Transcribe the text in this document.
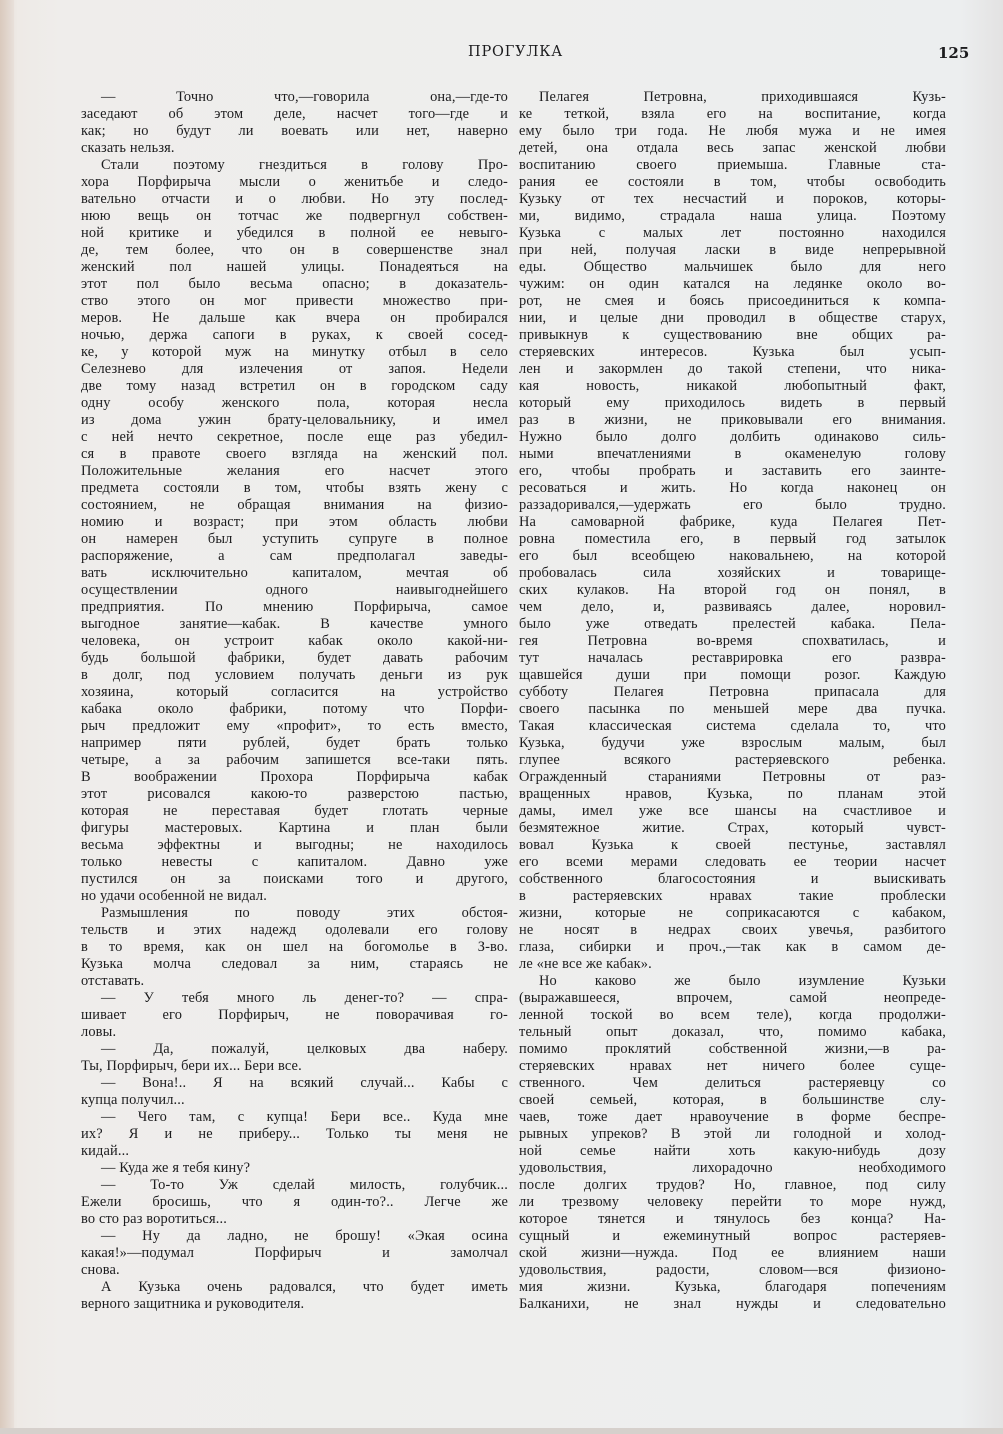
ПРОГУЛКА	125
— Точно что,—говорила она,—где-то
заседают об этом деле, насчет того—где и
как; но будут ли воевать или нет, наверно
сказать нельзя.
Стали поэтому гнездиться в голову Про-
хора Порфирыча мысли о женитьбе и следо-
вательно отчасти и о любви. Но эту послед-
нюю вещь он тотчас же подвергнул собствен-
ной критике и убедился в полной ее невыго-
де, тем более, что он в совершенстве знал
женский пол нашей улицы. Понадеяться на
этот пол было весьма опасно; в доказатель-
ство этого он мог привести множество при-
меров. Не дальше как вчера он пробирался
ночью, держа сапоги в руках, к своей сосед-
ке, у которой муж на минутку отбыл в село
Селезнево для излечения от запоя. Недели
две тому назад встретил он в городском саду
одну особу женского пола, которая несла
из дома ужин брату-целовальнику, и имел
с ней нечто секретное, после еще раз убедил-
ся в правоте своего взгляда на женский пол.
Положительные желания его насчет этого
предмета состояли в том, чтобы взять жену с
состоянием, не обращая внимания на физио-
номию и возраст; при этом область любви
он намерен был уступить супруге в полное
распоряжение, а сам предполагал заведы-
вать исключительно капиталом, мечтая об
осуществлении одного наивыгоднейшего
предприятия. По мнению Порфирыча, самое
выгодное занятие—кабак. В качестве умного
человека, он устроит кабак около какой-ни-
будь большой фабрики, будет давать рабочим
в долг, под условием получать деньги из рук
хозяина, который согласится на устройство
кабака около фабрики, потому что Порфи-
рыч предложит ему «профит», то есть вместо,
например пяти рублей, будет брать только
четыре, а за рабочим запишется все-таки пять.
В воображении Прохора Порфирыча кабак
этот рисовался какою-то разверстою пастью,
которая не переставая будет глотать черные
фигуры мастеровых. Картина и план были
весьма эффектны и выгодны; не находилось
только невесты с капиталом. Давно уже
пустился он за поисками того и другого,
но удачи особенной не видал.
Размышления по поводу этих обстоя-
тельств и этих надежд одолевали его голову
в то время, как он шел на богомолье в З-во.
Кузька молча следовал за ним, стараясь не
отставать.
— У тебя много ль денег-то? — спра-
шивает его Порфирыч, не поворачивая го-
ловы.
— Да, пожалуй, целковых два наберу.
Ты, Порфирыч, бери их... Бери все.
— Вона!.. Я на всякий случай... Кабы с
купца получил...
— Чего там, с купца! Бери все.. Куда мне
их? Я и не приберу... Только ты меня не
кидай...
— Куда же я тебя кину?
— То-то Уж сделай милость, голубчик...
Ежели бросишь, что я один-то?.. Легче же
во сто раз воротиться...
— Ну да ладно, не брошу! «Экая осина
какая!»—подумал Порфирыч и замолчал
снова.
А Кузька очень радовался, что будет иметь
верного защитника и руководителя.
Пелагея Петровна, приходившаяся Кузь-
ке теткой, взяла его на воспитание, когда
ему было три года. Не любя мужа и не имея
детей, она отдала весь запас женской любви
воспитанию своего приемыша. Главные ста-
рания ее состояли в том, чтобы освободить
Кузьку от тех несчастий и пороков, которы-
ми, видимо, страдала наша улица. Поэтому
Кузька с малых лет постоянно находился
при ней, получая ласки в виде непрерывной
еды. Общество мальчишек было для него
чужим: он один катался на ледянке около во-
рот, не смея и боясь присоединиться к компа-
нии, и целые дни проводил в обществе старух,
привыкнув к существованию вне общих ра-
стеряевских интересов. Кузька был усып-
лен и закормлен до такой степени, что ника-
кая новость, никакой любопытный факт,
который ему приходилось видеть в первый
раз в жизни, не приковывали его внимания.
Нужно было долго долбить одинаково силь-
ными впечатлениями в окаменелую голову
его, чтобы пробрать и заставить его заинте-
ресоваться и жить. Но когда наконец он
раззадоривался,—удержать его было трудно.
На самоварной фабрике, куда Пелагея Пет-
ровна поместила его, в первый год затылок
его был всеобщею наковальнею, на которой
пробовалась сила хозяйских и товарище-
ских кулаков. На второй год он понял, в
чем дело, и, развиваясь далее, норовил-
было уже отведать прелестей кабака. Пела-
гея Петровна во-время спохватилась, и
тут началась реставрировка его развра-
щавшейся души при помощи розог. Каждую
субботу Пелагея Петровна припасала для
своего пасынка по меньшей мере два пучка.
Такая классическая система сделала то, что
Кузька, будучи уже взрослым малым, был
глупее всякого растеряевского ребенка.
Огражденный стараниями Петровны от раз-
вращенных нравов, Кузька, по планам этой
дамы, имел уже все шансы на счастливое и
безмятежное житие. Страх, который чувст-
вовал Кузька к своей пестунье, заставлял
его всеми мерами следовать ее теории насчет
собственного благосостояния и выискивать
в растеряевских нравах такие проблески
жизни, которые не соприкасаются с кабаком,
не носят в недрах своих увечья, разбитого
глаза, сибирки и проч.,—так как в самом де-
ле «не все же кабак».
Но каково же было изумление Кузьки
(выражавшееся, впрочем, самой неопреде-
ленной тоской во всем теле), когда продолжи-
тельный опыт доказал, что, помимо кабака,
помимо проклятий собственной жизни,—в ра-
стеряевских нравах нет ничего более суще-
ственного. Чем делиться растеряевцу со
своей семьей, которая, в большинстве слу-
чаев, тоже дает нравоучение в форме беспре-
рывных упреков? В этой ли голодной и холод-
ной семье найти хоть какую-нибудь дозу
удовольствия, лихорадочно необходимого
после долгих трудов? Но, главное, под силу
ли трезвому человеку перейти то море нужд,
которое тянется и тянулось без конца? На-
сущный и ежеминутный вопрос растеряев-
ской жизни—нужда. Под ее влиянием наши
удовольствия, радости, словом—вся физионо-
мия жизни. Кузька, благодаря попечениям
Балканихи, не знал нужды и следовательно
